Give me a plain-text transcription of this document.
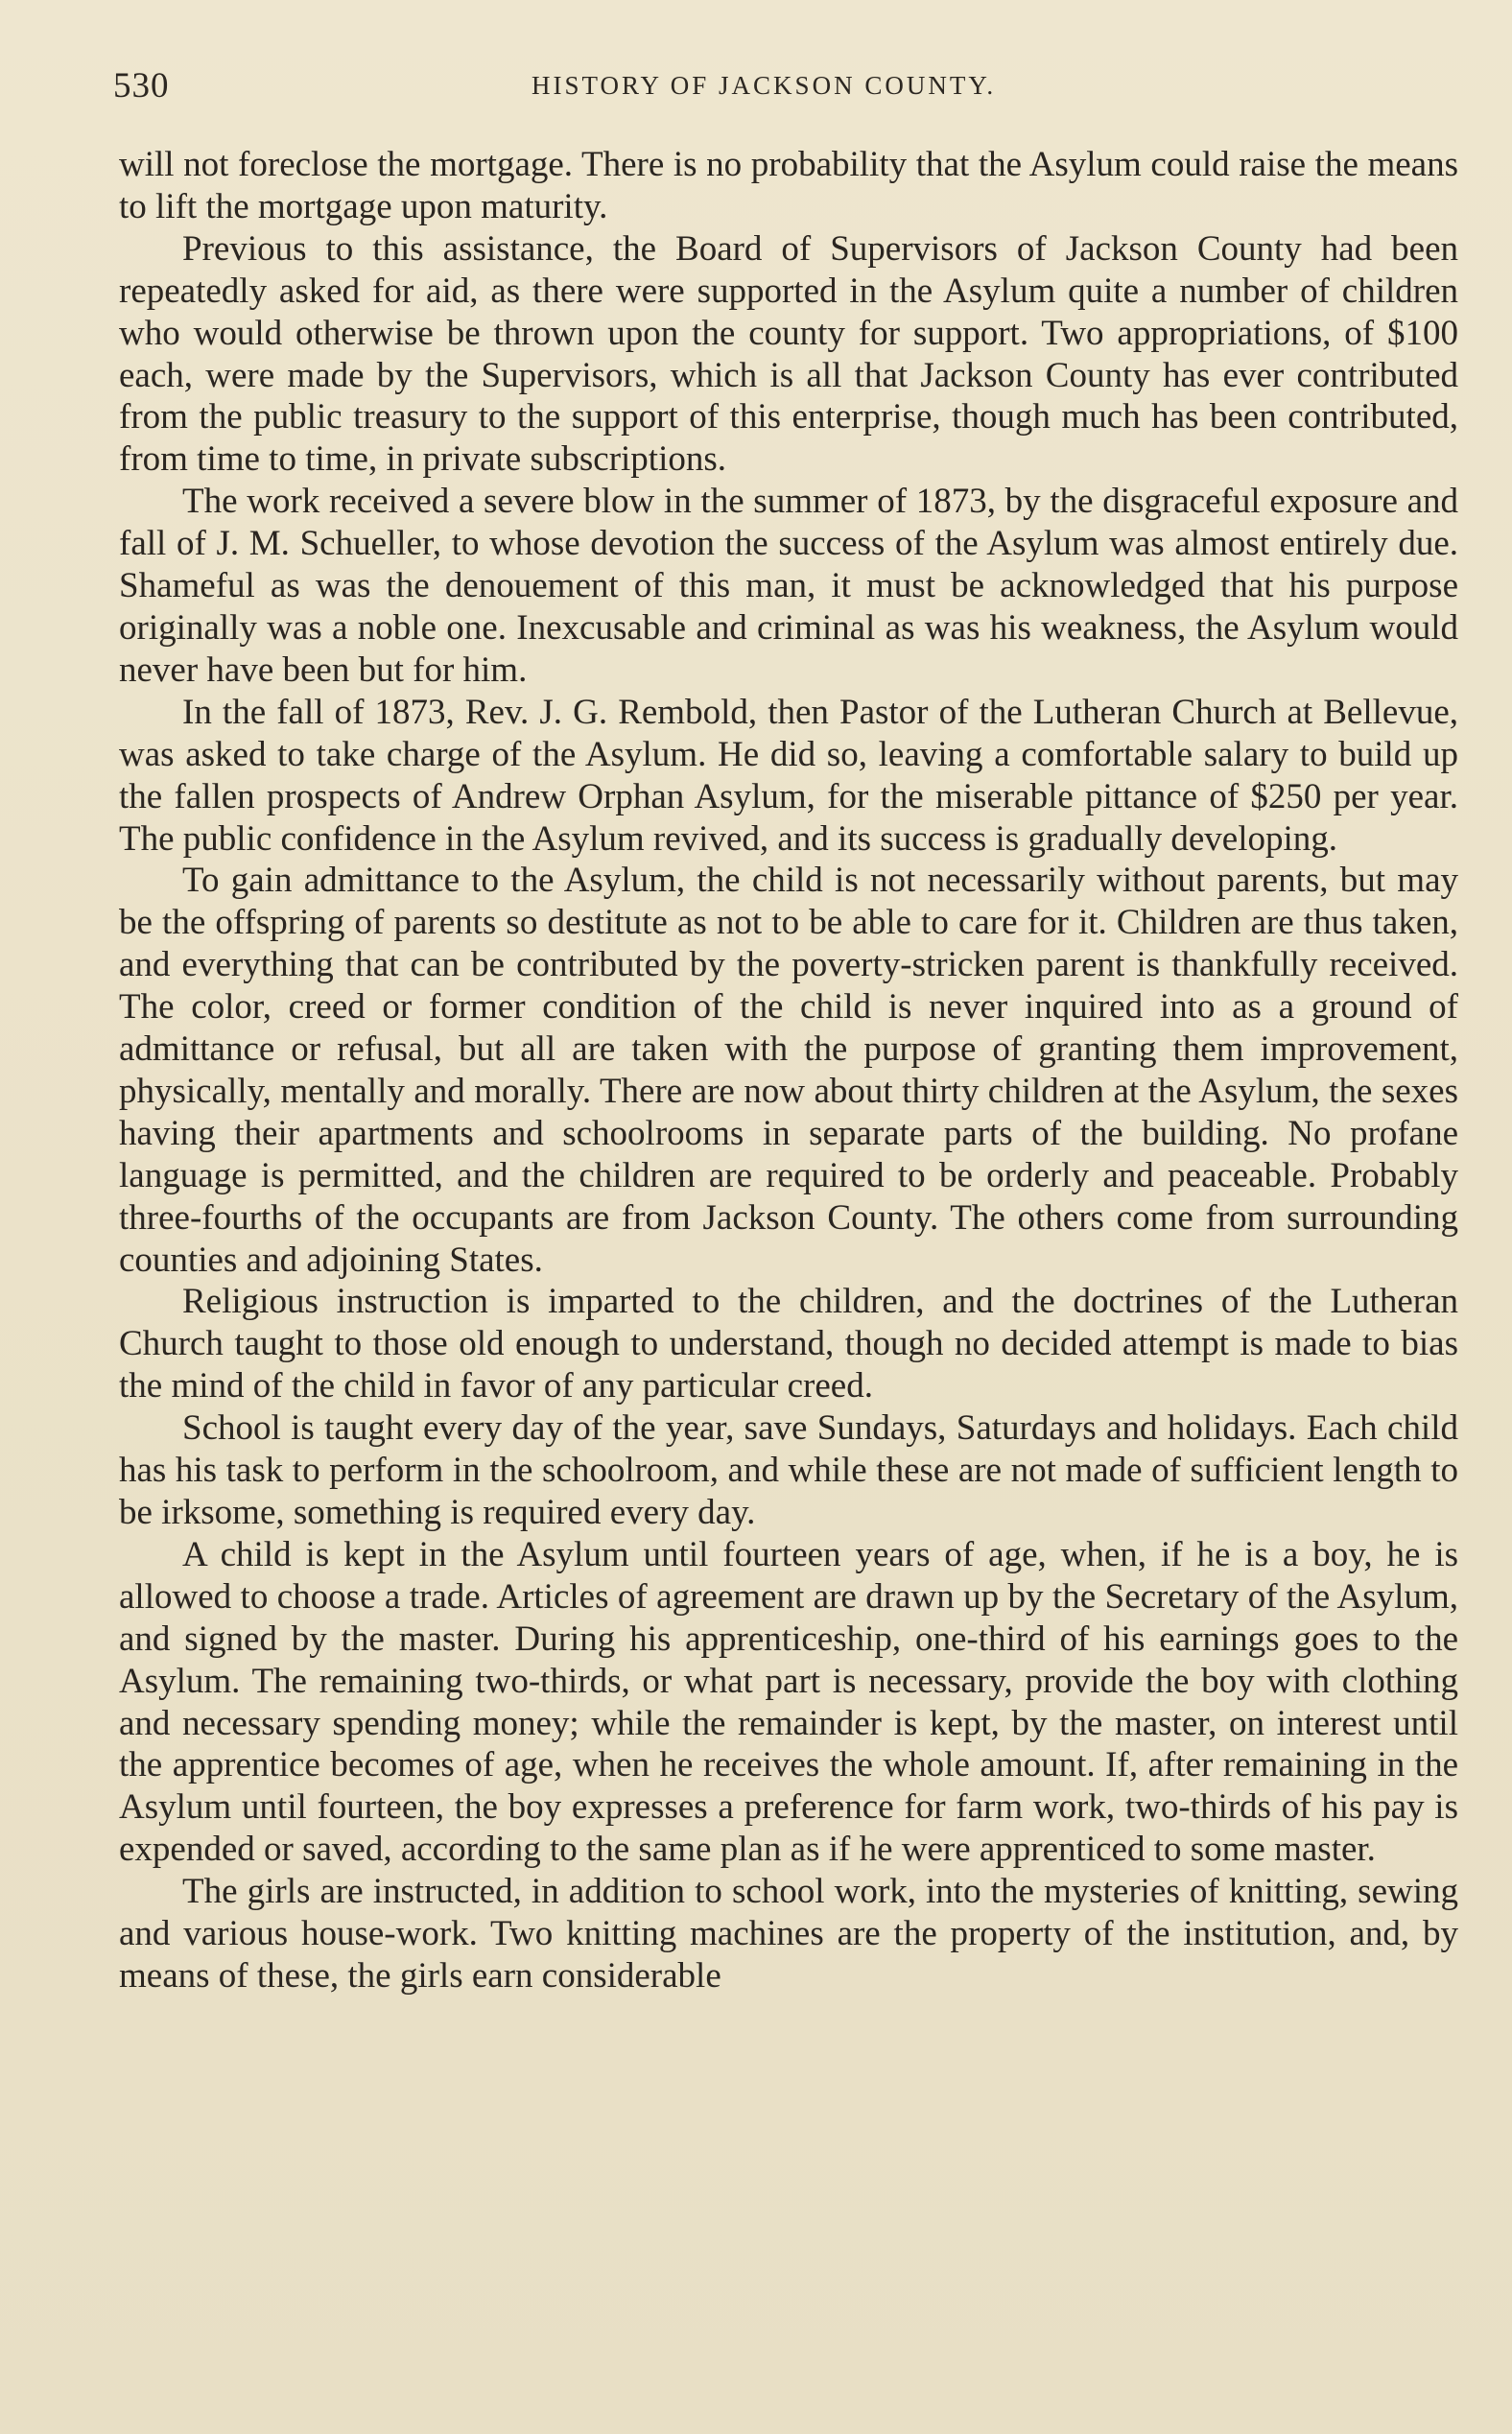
530	HISTORY OF JACKSON COUNTY.

will not foreclose the mortgage. There is no probability that the Asylum could raise the means to lift the mortgage upon maturity.

Previous to this assistance, the Board of Supervisors of Jackson County had been repeatedly asked for aid, as there were supported in the Asylum quite a number of children who would otherwise be thrown upon the county for support. Two appropriations, of $100 each, were made by the Supervisors, which is all that Jackson County has ever contributed from the public treasury to the support of this enterprise, though much has been contributed, from time to time, in private subscriptions.

The work received a severe blow in the summer of 1873, by the disgraceful exposure and fall of J. M. Schueller, to whose devotion the success of the Asylum was almost entirely due. Shameful as was the denouement of this man, it must be acknowledged that his purpose originally was a noble one. Inexcusable and criminal as was his weakness, the Asylum would never have been but for him.

In the fall of 1873, Rev. J. G. Rembold, then Pastor of the Lutheran Church at Bellevue, was asked to take charge of the Asylum. He did so, leaving a comfortable salary to build up the fallen prospects of Andrew Orphan Asylum, for the miserable pittance of $250 per year. The public confidence in the Asylum revived, and its success is gradually developing.

To gain admittance to the Asylum, the child is not necessarily without parents, but may be the offspring of parents so destitute as not to be able to care for it. Children are thus taken, and everything that can be contributed by the poverty-stricken parent is thankfully received. The color, creed or former condition of the child is never inquired into as a ground of admittance or refusal, but all are taken with the purpose of granting them improvement, physically, mentally and morally. There are now about thirty children at the Asylum, the sexes having their apartments and schoolrooms in separate parts of the building. No profane language is permitted, and the children are required to be orderly and peaceable. Probably three-fourths of the occupants are from Jackson County. The others come from surrounding counties and adjoining States.

Religious instruction is imparted to the children, and the doctrines of the Lutheran Church taught to those old enough to understand, though no decided attempt is made to bias the mind of the child in favor of any particular creed.

School is taught every day of the year, save Sundays, Saturdays and holidays. Each child has his task to perform in the schoolroom, and while these are not made of sufficient length to be irksome, something is required every day.

A child is kept in the Asylum until fourteen years of age, when, if he is a boy, he is allowed to choose a trade. Articles of agreement are drawn up by the Secretary of the Asylum, and signed by the master. During his apprenticeship, one-third of his earnings goes to the Asylum. The remaining two-thirds, or what part is necessary, provide the boy with clothing and necessary spending money; while the remainder is kept, by the master, on interest until the apprentice becomes of age, when he receives the whole amount. If, after remaining in the Asylum until fourteen, the boy expresses a preference for farm work, two-thirds of his pay is expended or saved, according to the same plan as if he were apprenticed to some master.

The girls are instructed, in addition to school work, into the mysteries of knitting, sewing and various house-work. Two knitting machines are the property of the institution, and, by means of these, the girls earn considerable
